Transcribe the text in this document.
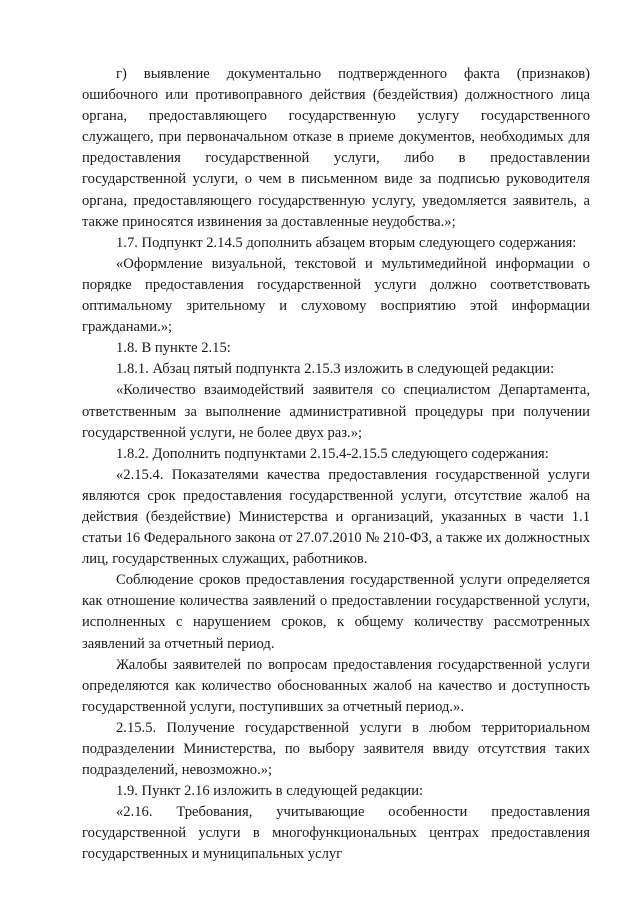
г) выявление документально подтвержденного факта (признаков) ошибочного или противоправного действия (бездействия) должностного лица органа, предоставляющего государственную услугу государственного служащего, при первоначальном отказе в приеме документов, необходимых для предоставления государственной услуги, либо в предоставлении государственной услуги, о чем в письменном виде за подписью руководителя органа, предоставляющего государственную услугу, уведомляется заявитель, а также приносятся извинения за доставленные неудобства.»;

1.7. Подпункт 2.14.5 дополнить абзацем вторым следующего содержания:

«Оформление визуальной, текстовой и мультимедийной информации о порядке предоставления государственной услуги должно соответствовать оптимальному зрительному и слуховому восприятию этой информации гражданами.»;

1.8. В пункте 2.15:

1.8.1. Абзац пятый подпункта 2.15.3 изложить в следующей редакции:

«Количество взаимодействий заявителя со специалистом Департамента, ответственным за выполнение административной процедуры при получении государственной услуги, не более двух раз.»;

1.8.2. Дополнить подпунктами 2.15.4-2.15.5 следующего содержания:

«2.15.4. Показателями качества предоставления государственной услуги являются срок предоставления государственной услуги, отсутствие жалоб на действия (бездействие) Министерства и организаций, указанных в части 1.1 статьи 16 Федерального закона от 27.07.2010 № 210-ФЗ, а также их должностных лиц, государственных служащих, работников.

Соблюдение сроков предоставления государственной услуги определяется как отношение количества заявлений о предоставлении государственной услуги, исполненных с нарушением сроков, к общему количеству рассмотренных заявлений за отчетный период.

Жалобы заявителей по вопросам предоставления государственной услуги определяются как количество обоснованных жалоб на качество и доступность государственной услуги, поступивших за отчетный период.».

2.15.5. Получение государственной услуги в любом территориальном подразделении Министерства, по выбору заявителя ввиду отсутствия таких подразделений, невозможно.»;

1.9. Пункт 2.16 изложить в следующей редакции:

«2.16. Требования, учитывающие особенности предоставления государственной услуги в многофункциональных центрах предоставления государственных и муниципальных услуг
